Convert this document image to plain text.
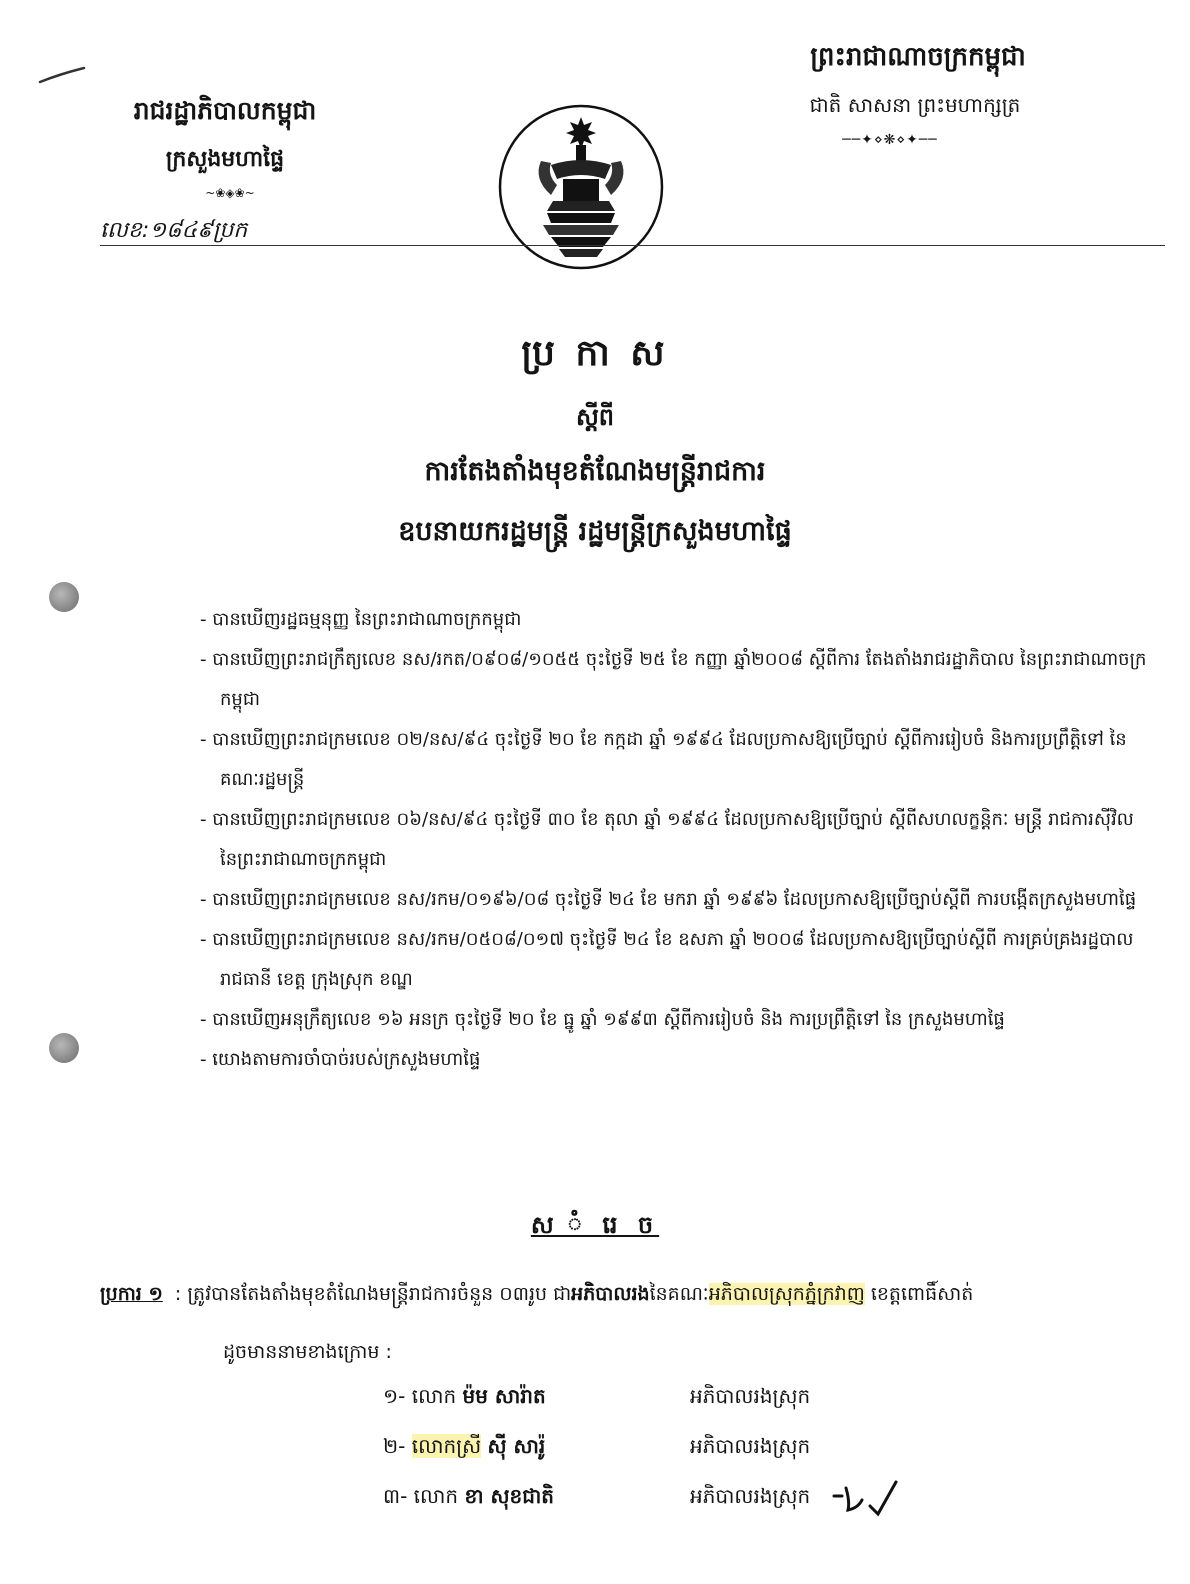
ព្រះរាជាណាចក្រកម្ពុជា
ជាតិ សាសនា ព្រះមហាក្សត្រ
──✦⋄❋⋄✦──
រាជរដ្ឋាភិបាលកម្ពុជា
ក្រសួងមហាផ្ទៃ
~❀◈❀~
លេខ:១៨៤៩ប្រក
ប្រ កា ស
ស្តីពី
ការតែងតាំងមុខតំណែងមន្ត្រីរាជការ
ឧបនាយករដ្ឋមន្ត្រី រដ្ឋមន្ត្រីក្រសួងមហាផ្ទៃ
- បានឃើញរដ្ឋធម្មនុញ្ញ នៃព្រះរាជាណាចក្រកម្ពុជា
- បានឃើញព្រះរាជក្រឹត្យលេខ នស/រកត/០៩០៨/១០៥៥ ចុះថ្ងៃទី ២៥ ខែ កញ្ញា ឆ្នាំ២០០៨ ស្តីពីការ តែងតាំងរាជរដ្ឋាភិបាល នៃព្រះរាជាណាចក្រកម្ពុជា
- បានឃើញព្រះរាជក្រមលេខ ០២/នស/៩៤ ចុះថ្ងៃទី ២០ ខែ កក្កដា ឆ្នាំ ១៩៩៤ ដែលប្រកាសឱ្យប្រើច្បាប់ ស្តីពីការរៀបចំ និងការប្រព្រឹត្តិទៅ នៃគណៈរដ្ឋមន្ត្រី
- បានឃើញព្រះរាជក្រមលេខ ០៦/នស/៩៤ ចុះថ្ងៃទី ៣០ ខែ តុលា ឆ្នាំ ១៩៩៤ ដែលប្រកាសឱ្យប្រើច្បាប់ ស្តីពីសហលក្ខន្តិកៈ មន្ត្រី រាជការស៊ីវិល នៃព្រះរាជាណាចក្រកម្ពុជា
- បានឃើញព្រះរាជក្រមលេខ នស/រកម/០១៩៦/០៨ ចុះថ្ងៃទី ២៤ ខែ មករា ឆ្នាំ ១៩៩៦ ដែលប្រកាសឱ្យប្រើច្បាប់ស្តីពី ការបង្កើតក្រសួងមហាផ្ទៃ
- បានឃើញព្រះរាជក្រមលេខ នស/រកម/០៥០៨/០១៧ ចុះថ្ងៃទី ២៤ ខែ ឧសភា ឆ្នាំ ២០០៨ ដែលប្រកាសឱ្យប្រើច្បាប់ស្តីពី ការគ្រប់គ្រងរដ្ឋបាលរាជធានី ខេត្ត ក្រុងស្រុក ខណ្ឌ
- បានឃើញអនុក្រឹត្យលេខ ១៦ អនក្រ ចុះថ្ងៃទី ២០ ខែ ធ្នូ ឆ្នាំ ១៩៩៣ ស្តីពីការរៀបចំ និង ការប្រព្រឹត្តិទៅ នៃ ក្រសួងមហាផ្ទៃ
- យោងតាមការចាំបាច់របស់ក្រសួងមហាផ្ទៃ
ស ំ រេ ច
ប្រការ ១ : ត្រូវបានតែងតាំងមុខតំណែងមន្ត្រីរាជការចំនួន ០៣រូប ជាអភិបាលរងនៃគណៈអភិបាលស្រុកភ្នំក្រវាញ ខេត្តពោធិ៍សាត់
ដូចមាននាមខាងក្រោម :
១- លោក ម៉ម សារ៉ាត	អភិបាលរងស្រុក
២- លោកស្រី ស៊ី សារ៉ូ	អភិបាលរងស្រុក
៣- លោក ខា សុខជាតិ	អភិបាលរងស្រុក
